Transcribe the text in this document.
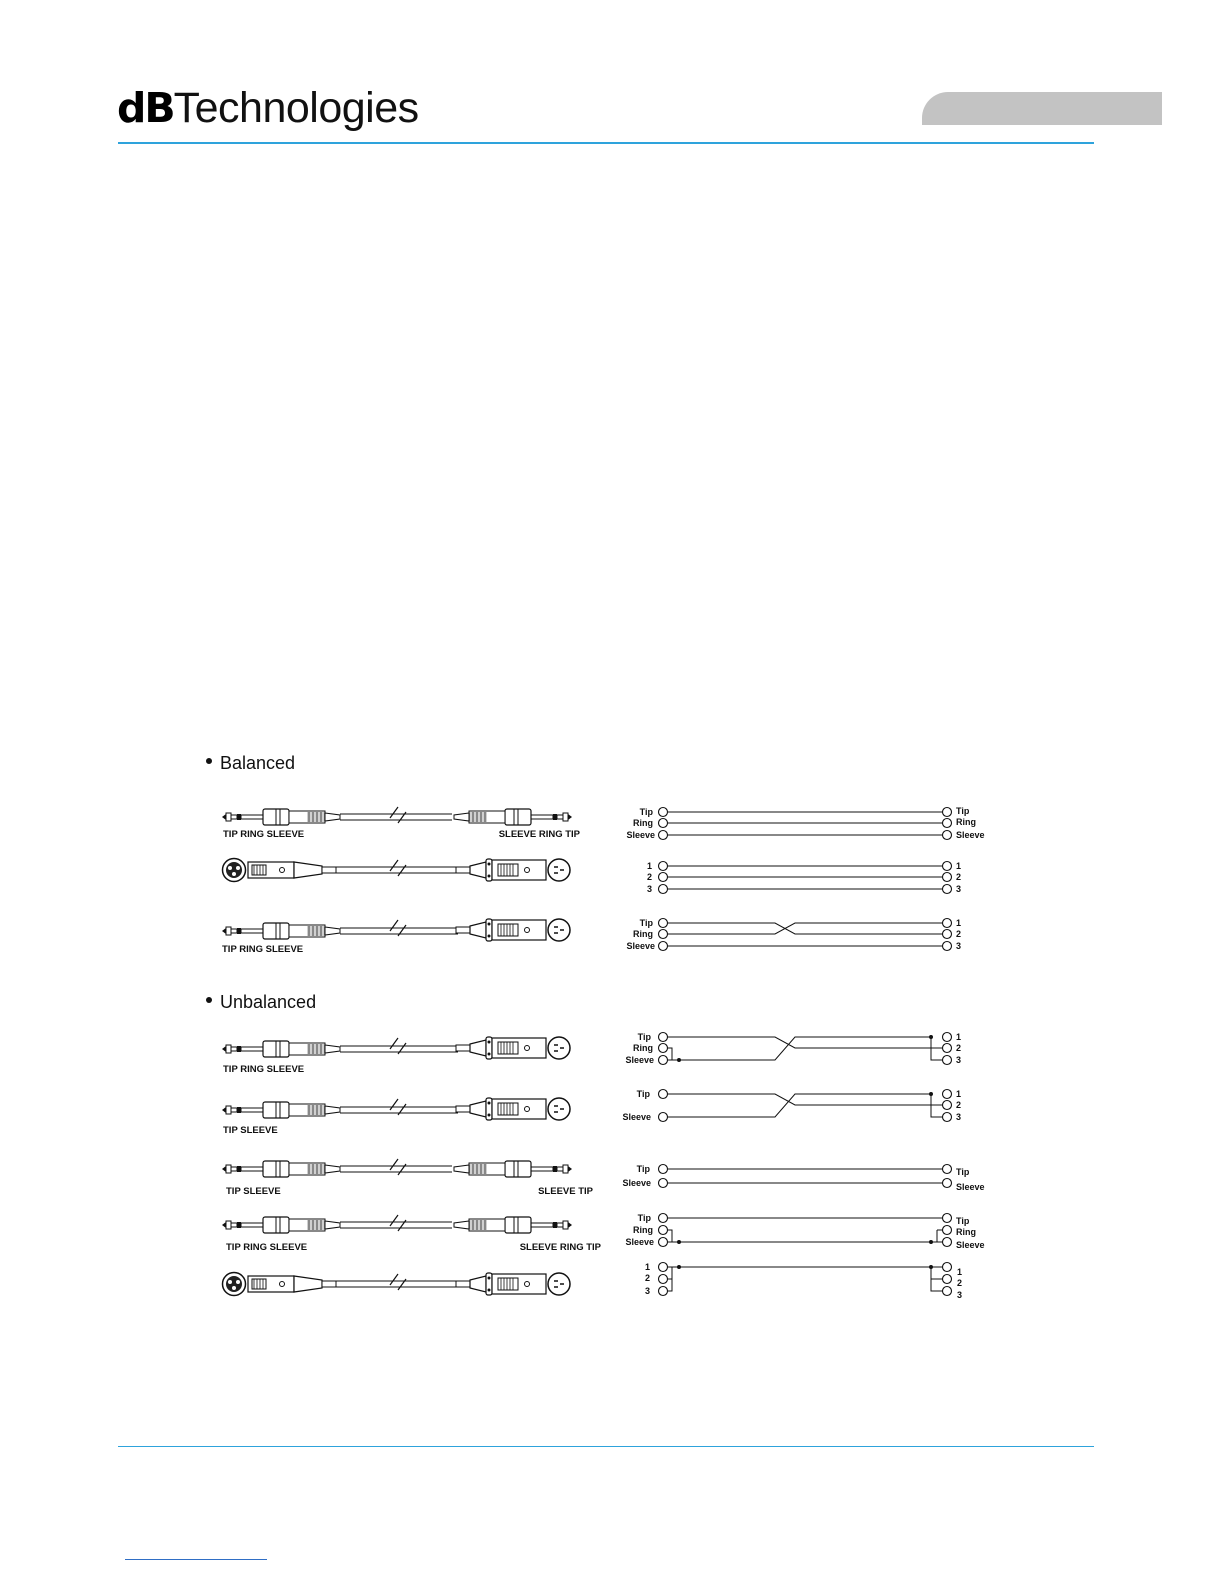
dBTechnologies
Balanced
Unbalanced
TIP RING SLEEVE	SLEEVE RING TIP
TIP RING SLEEVE
TIP RING SLEEVE
TIP SLEEVE
TIP SLEEVE	SLEEVE TIP
TIP RING SLEEVE	SLEEVE RING TIP
Tip
Ring
Sleeve
Tip
Ring
Sleeve
1
2
3
1
2
3
Tip
Ring
Sleeve
1
2
3
Tip
Ring
Sleeve
1
2
3
Tip
Sleeve
1
2
3
Tip
Sleeve
Tip
Sleeve
Tip
Ring
Sleeve
Tip
Ring
Sleeve
1
2
3
1
2
3
